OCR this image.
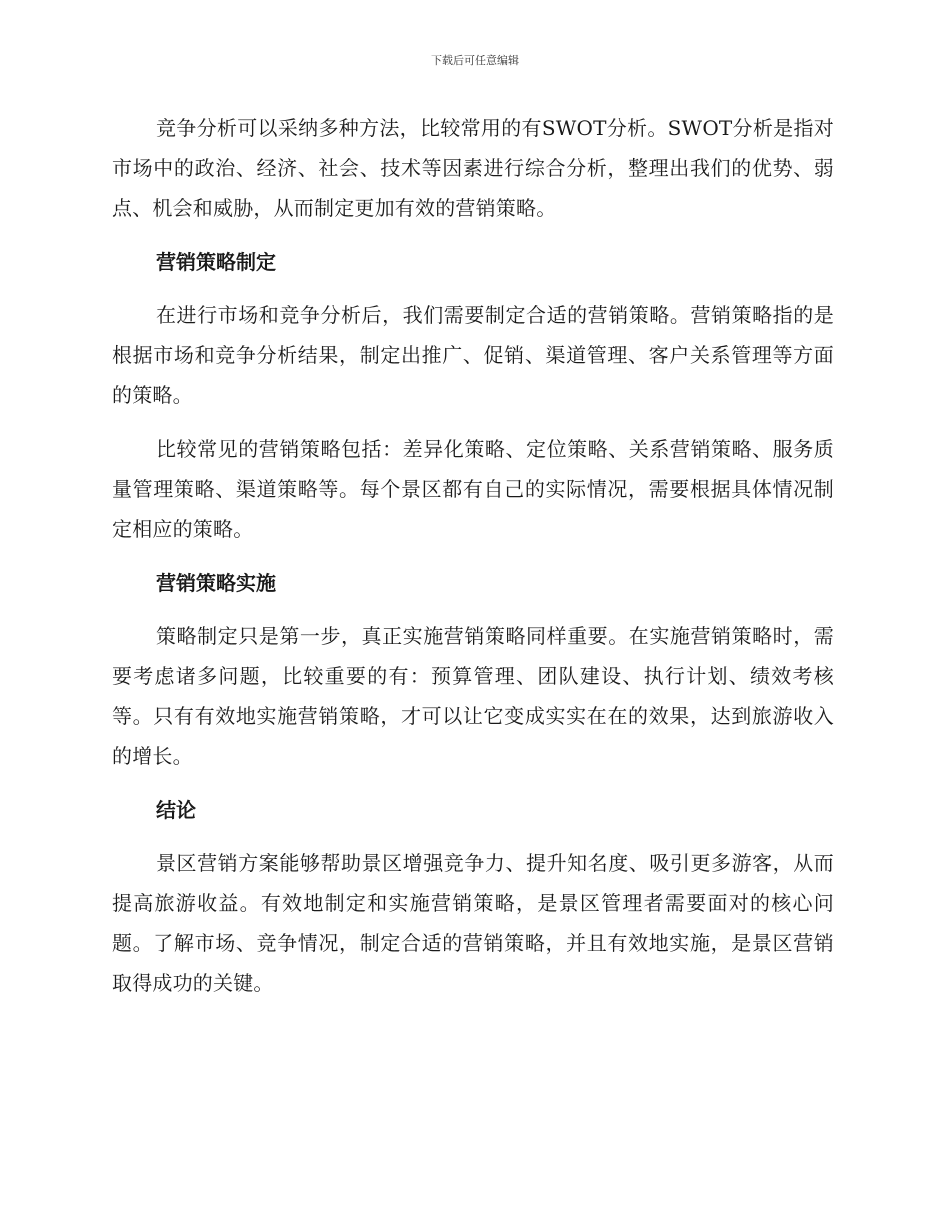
下载后可任意编辑

竞争分析可以采纳多种方法，比较常用的有SWOT分析。SWOT分析是指对市场中的政治、经济、社会、技术等因素进行综合分析，整理出我们的优势、弱点、机会和威胁，从而制定更加有效的营销策略。

营销策略制定

在进行市场和竞争分析后，我们需要制定合适的营销策略。营销策略指的是根据市场和竞争分析结果，制定出推广、促销、渠道管理、客户关系管理等方面的策略。

比较常见的营销策略包括：差异化策略、定位策略、关系营销策略、服务质量管理策略、渠道策略等。每个景区都有自己的实际情况，需要根据具体情况制定相应的策略。

营销策略实施

策略制定只是第一步，真正实施营销策略同样重要。在实施营销策略时，需要考虑诸多问题，比较重要的有：预算管理、团队建设、执行计划、绩效考核等。只有有效地实施营销策略，才可以让它变成实实在在的效果，达到旅游收入的增长。

结论

景区营销方案能够帮助景区增强竞争力、提升知名度、吸引更多游客，从而提高旅游收益。有效地制定和实施营销策略，是景区管理者需要面对的核心问题。了解市场、竞争情况，制定合适的营销策略，并且有效地实施，是景区营销取得成功的关键。
